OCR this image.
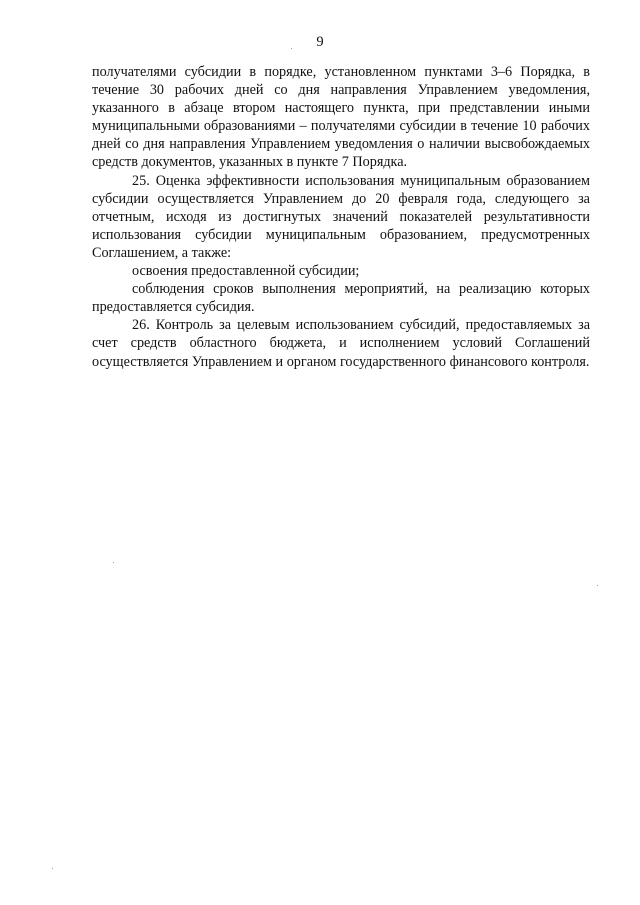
9

получателями субсидии в порядке, установленном пунктами 3–6 Порядка, в течение 30 рабочих дней со дня направления Управлением уведомления, указанного в абзаце втором настоящего пункта, при представлении иными муниципальными образованиями – получателями субсидии в течение 10 рабочих дней со дня направления Управлением уведомления о наличии высвобождаемых средств документов, указанных в пункте 7 Порядка.

25. Оценка эффективности использования муниципальным образованием субсидии осуществляется Управлением до 20 февраля года, следующего за отчетным, исходя из достигнутых значений показателей результативности использования субсидии муниципальным образованием, предусмотренных Соглашением, а также:

освоения предоставленной субсидии;

соблюдения сроков выполнения мероприятий, на реализацию которых предоставляется субсидия.

26. Контроль за целевым использованием субсидий, предоставляемых за счет средств областного бюджета, и исполнением условий Соглашений осуществляется Управлением и органом государственного финансового контроля.
